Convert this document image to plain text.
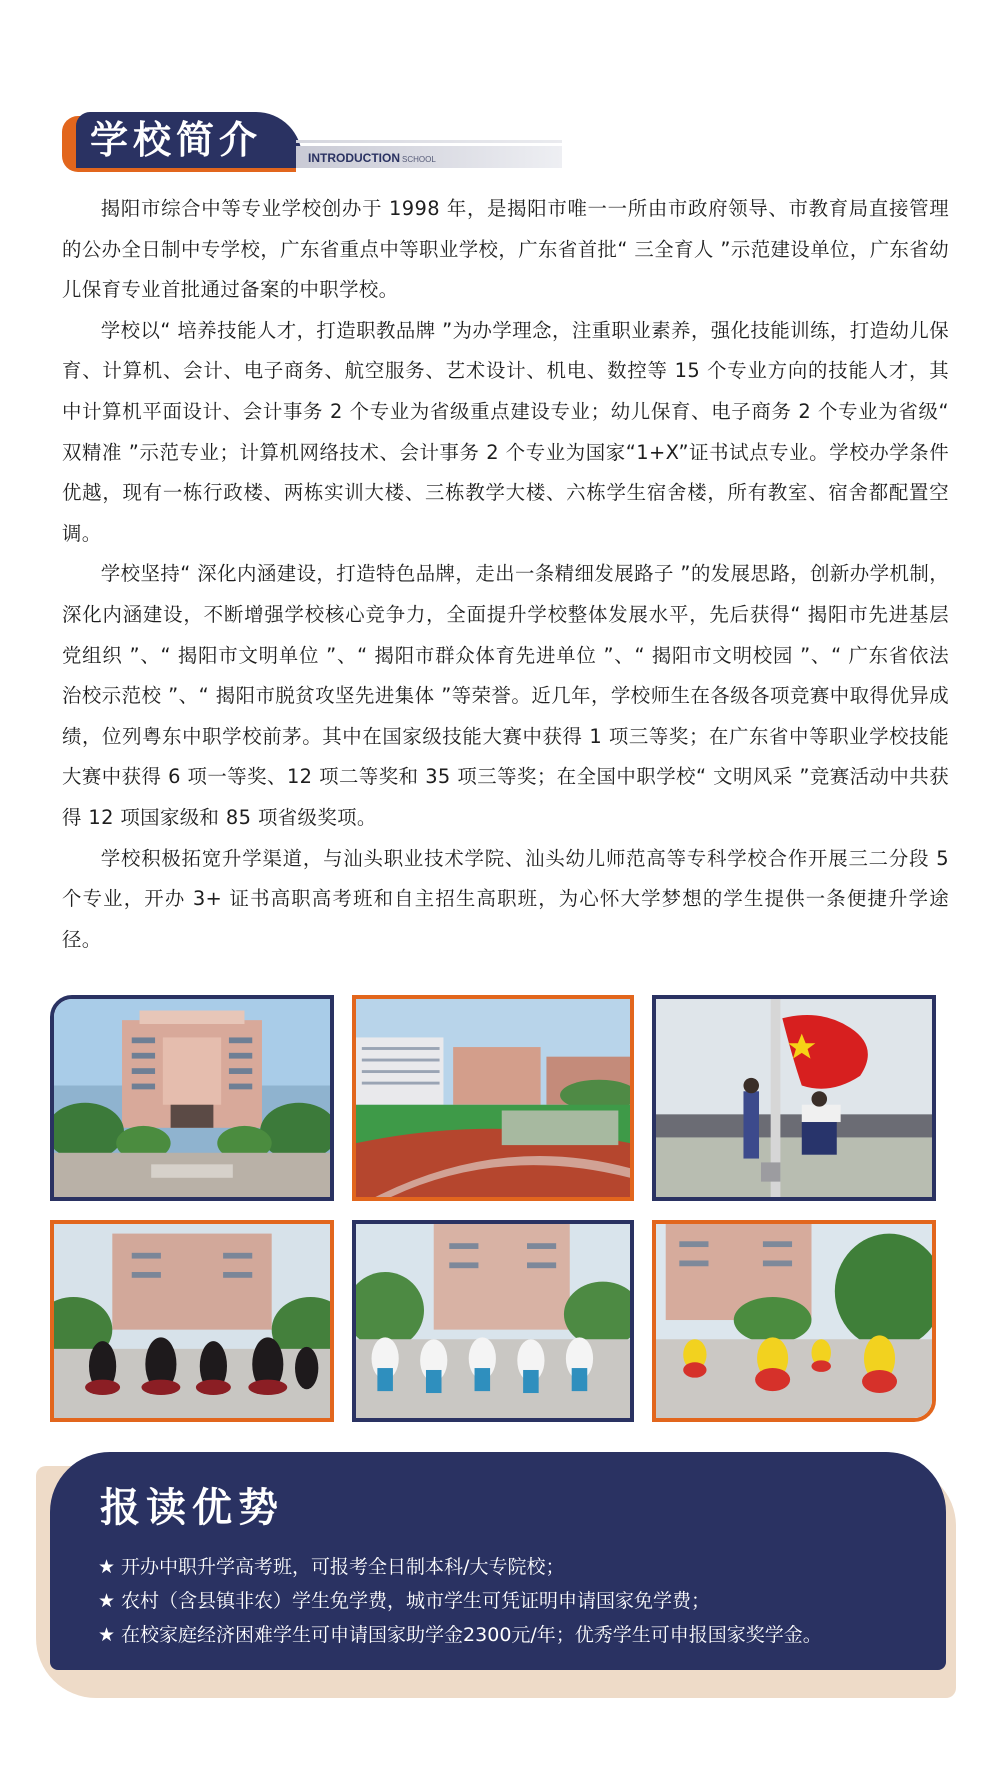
学校简介	INTRODUCTION SCHOOL

揭阳市综合中等专业学校创办于 1998 年，是揭阳市唯一一所由市政府领导、市教育局直接管理的公办全日制中专学校，广东省重点中等职业学校，广东省首批“ 三全育人 ”示范建设单位，广东省幼儿保育专业首批通过备案的中职学校。

学校以“ 培养技能人才，打造职教品牌 ”为办学理念，注重职业素养，强化技能训练，打造幼儿保育、计算机、会计、电子商务、航空服务、艺术设计、机电、数控等 15 个专业方向的技能人才，其中计算机平面设计、会计事务 2 个专业为省级重点建设专业；幼儿保育、电子商务 2 个专业为省级“ 双精准 ”示范专业；计算机网络技术、会计事务 2 个专业为国家“1+X”证书试点专业。学校办学条件优越，现有一栋行政楼、两栋实训大楼、三栋教学大楼、六栋学生宿舍楼，所有教室、宿舍都配置空调。

学校坚持“ 深化内涵建设，打造特色品牌，走出一条精细发展路子 ”的发展思路，创新办学机制，深化内涵建设，不断增强学校核心竞争力，全面提升学校整体发展水平，先后获得“ 揭阳市先进基层党组织 ”、“ 揭阳市文明单位 ”、“ 揭阳市群众体育先进单位 ”、“ 揭阳市文明校园 ”、“ 广东省依法治校示范校 ”、“ 揭阳市脱贫攻坚先进集体 ”等荣誉。近几年，学校师生在各级各项竞赛中取得优异成绩，位列粤东中职学校前茅。其中在国家级技能大赛中获得 1 项三等奖；在广东省中等职业学校技能大赛中获得 6 项一等奖、12 项二等奖和 35 项三等奖；在全国中职学校“ 文明风采 ”竞赛活动中共获得 12 项国家级和 85 项省级奖项。

学校积极拓宽升学渠道，与汕头职业技术学院、汕头幼儿师范高等专科学校合作开展三二分段 5 个专业，开办 3+ 证书高职高考班和自主招生高职班，为心怀大学梦想的学生提供一条便捷升学途径。

报读优势
★ 开办中职升学高考班，可报考全日制本科/大专院校；
★ 农村（含县镇非农）学生免学费，城市学生可凭证明申请国家免学费；
★ 在校家庭经济困难学生可申请国家助学金2300元/年；优秀学生可申报国家奖学金。
